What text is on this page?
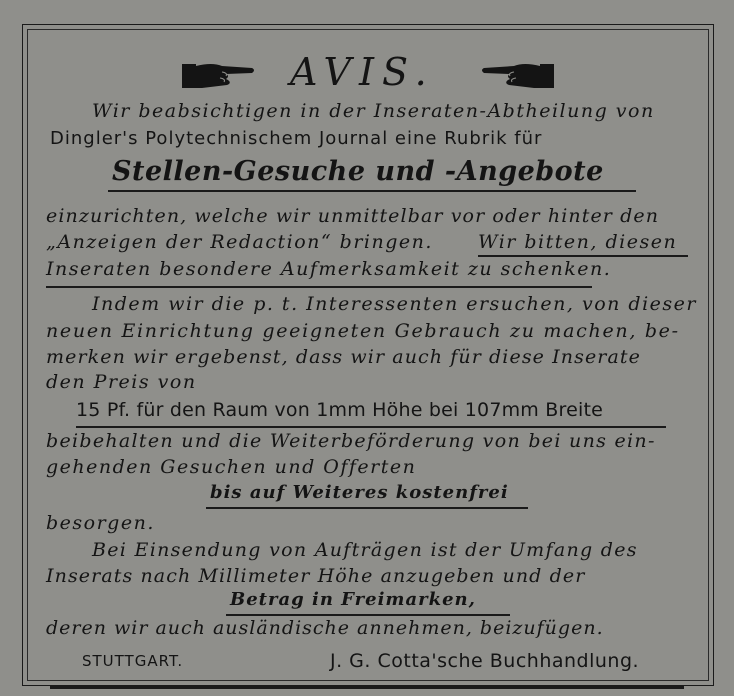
AVIS.
Wir beabsichtigen in der Inseraten-Abtheilung von
Dingler's Polytechnischem Journal eine Rubrik für
Stellen-Gesuche und -Angebote
einzurichten, welche wir unmittelbar vor oder hinter den
„Anzeigen der Redaction“ bringen. Wir bitten, diesen
Inseraten besondere Aufmerksamkeit zu schenken.
Indem wir die p. t. Interessenten ersuchen, von dieser
neuen Einrichtung geeigneten Gebrauch zu machen, be-
merken wir ergebenst, dass wir auch für diese Inserate
den Preis von
15 Pf. für den Raum von 1mm Höhe bei 107mm Breite
beibehalten und die Weiterbeförderung von bei uns ein-
gehenden Gesuchen und Offerten
bis auf Weiteres kostenfrei
besorgen.
Bei Einsendung von Aufträgen ist der Umfang des
Inserats nach Millimeter Höhe anzugeben und der
Betrag in Freimarken,
deren wir auch ausländische annehmen, beizufügen.
STUTTGART.	J. G. Cotta'sche Buchhandlung.
